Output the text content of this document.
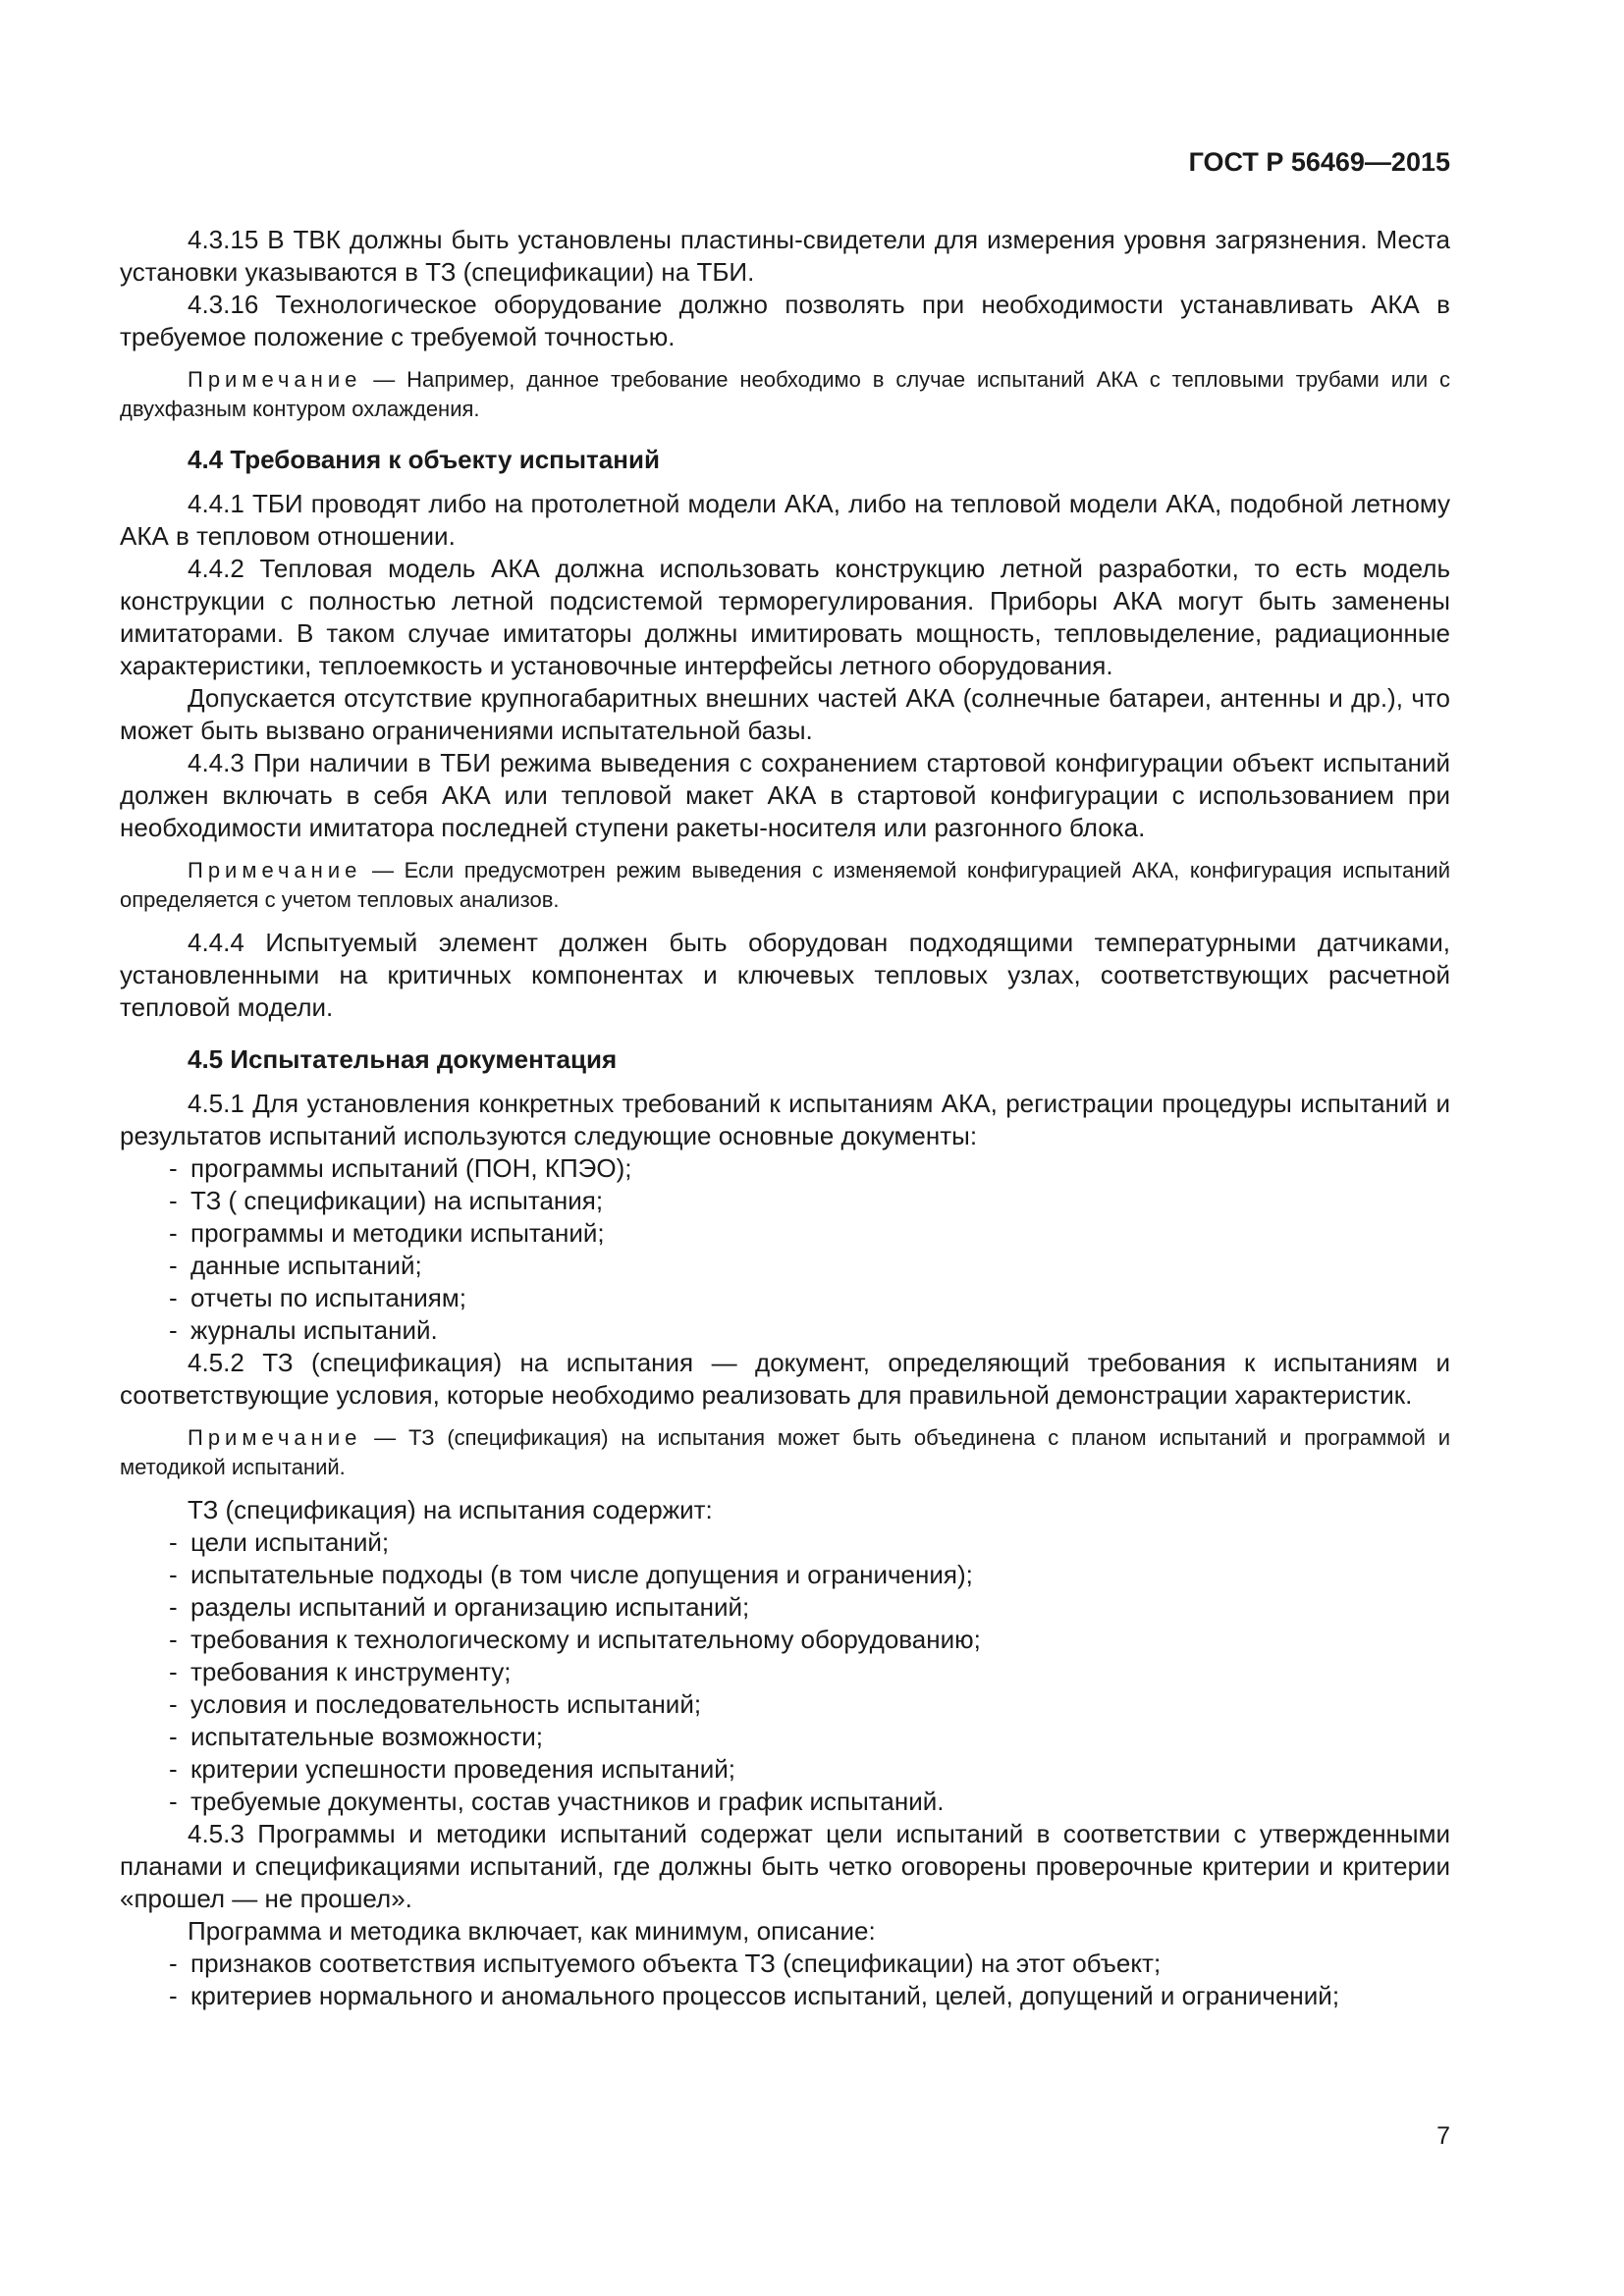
ГОСТ Р 56469—2015

4.3.15 В ТВК должны быть установлены пластины-свидетели для измерения уровня загрязнения. Места установки указываются в ТЗ (спецификации) на ТБИ.

4.3.16 Технологическое оборудование должно позволять при необходимости устанавливать АКА в требуемое положение с требуемой точностью.

Примечание — Например, данное требование необходимо в случае испытаний АКА с тепловыми трубами или с двухфазным контуром охлаждения.

4.4 Требования к объекту испытаний

4.4.1 ТБИ проводят либо на протолетной модели АКА, либо на тепловой модели АКА, подобной летному АКА в тепловом отношении.

4.4.2 Тепловая модель АКА должна использовать конструкцию летной разработки, то есть модель конструкции с полностью летной подсистемой терморегулирования. Приборы АКА могут быть заменены имитаторами. В таком случае имитаторы должны имитировать мощность, тепловыделение, радиационные характеристики, теплоемкость и установочные интерфейсы летного оборудования.

Допускается отсутствие крупногабаритных внешних частей АКА (солнечные батареи, антенны и др.), что может быть вызвано ограничениями испытательной базы.

4.4.3 При наличии в ТБИ режима выведения с сохранением стартовой конфигурации объект испытаний должен включать в себя АКА или тепловой макет АКА в стартовой конфигурации с использованием при необходимости имитатора последней ступени ракеты-носителя или разгонного блока.

Примечание — Если предусмотрен режим выведения с изменяемой конфигурацией АКА, конфигурация испытаний определяется с учетом тепловых анализов.

4.4.4 Испытуемый элемент должен быть оборудован подходящими температурными датчиками, установленными на критичных компонентах и ключевых тепловых узлах, соответствующих расчетной тепловой модели.

4.5 Испытательная документация

4.5.1 Для установления конкретных требований к испытаниям АКА, регистрации процедуры испытаний и результатов испытаний используются следующие основные документы:

- программы испытаний (ПОН, КПЭО);
- ТЗ ( спецификации) на испытания;
- программы и методики испытаний;
- данные испытаний;
- отчеты по испытаниям;
- журналы испытаний.

4.5.2 ТЗ (спецификация) на испытания — документ, определяющий требования к испытаниям и соответствующие условия, которые необходимо реализовать для правильной демонстрации характеристик.

Примечание — ТЗ (спецификация) на испытания может быть объединена с планом испытаний и программой и методикой испытаний.

ТЗ (спецификация) на испытания содержит:

- цели испытаний;
- испытательные подходы (в том числе допущения и ограничения);
- разделы испытаний и организацию испытаний;
- требования к технологическому и испытательному оборудованию;
- требования к инструменту;
- условия и последовательность испытаний;
- испытательные возможности;
- критерии успешности проведения испытаний;
- требуемые документы, состав участников и график испытаний.

4.5.3 Программы и методики испытаний содержат цели испытаний в соответствии с утвержденными планами и спецификациями испытаний, где должны быть четко оговорены проверочные критерии и критерии «прошел — не прошел».

Программа и методика включает, как минимум, описание:

- признаков соответствия испытуемого объекта ТЗ (спецификации) на этот объект;
- критериев нормального и аномального процессов испытаний, целей, допущений и ограничений;
7
